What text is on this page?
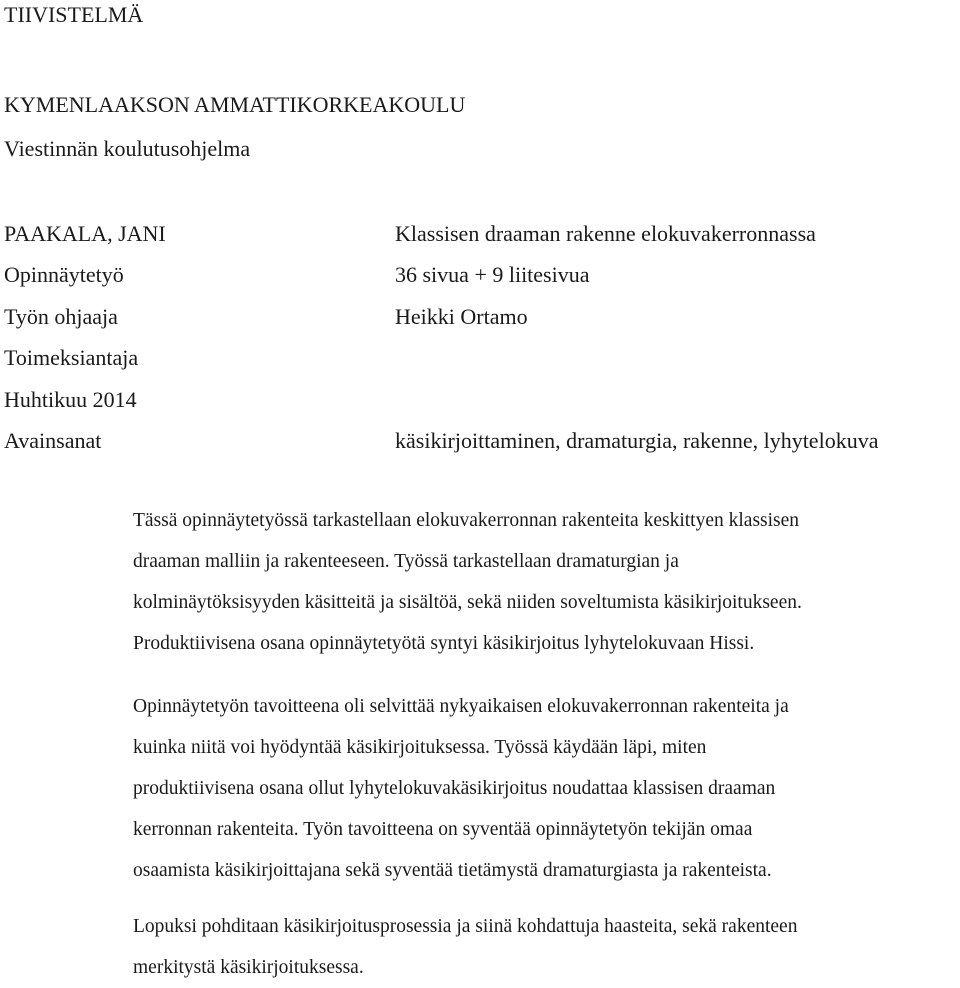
TIIVISTELMÄ
KYMENLAAKSON AMMATTIKORKEAKOULU
Viestinnän koulutusohjelma
PAAKALA, JANI	Klassisen draaman rakenne elokuvakerronnassa
Opinnäytetyö	36 sivua + 9 liitesivua
Työn ohjaaja	Heikki Ortamo
Toimeksiantaja
Huhtikuu 2014
Avainsanat	käsikirjoittaminen, dramaturgia, rakenne, lyhytelokuva
Tässä opinnäytetyössä tarkastellaan elokuvakerronnan rakenteita keskittyen klassisen
draaman malliin ja rakenteeseen. Työssä tarkastellaan dramaturgian ja
kolminäytöksisyyden käsitteitä ja sisältöä, sekä niiden soveltumista käsikirjoitukseen.
Produktiivisena osana opinnäytetyötä syntyi käsikirjoitus lyhytelokuvaan Hissi.
Opinnäytetyön tavoitteena oli selvittää nykyaikaisen elokuvakerronnan rakenteita ja
kuinka niitä voi hyödyntää käsikirjoituksessa. Työssä käydään läpi, miten
produktiivisena osana ollut lyhytelokuvakäsikirjoitus noudattaa klassisen draaman
kerronnan rakenteita. Työn tavoitteena on syventää opinnäytetyön tekijän omaa
osaamista käsikirjoittajana sekä syventää tietämystä dramaturgiasta ja rakenteista.
Lopuksi pohditaan käsikirjoitusprosessia ja siinä kohdattuja haasteita, sekä rakenteen
merkitystä käsikirjoituksessa.
